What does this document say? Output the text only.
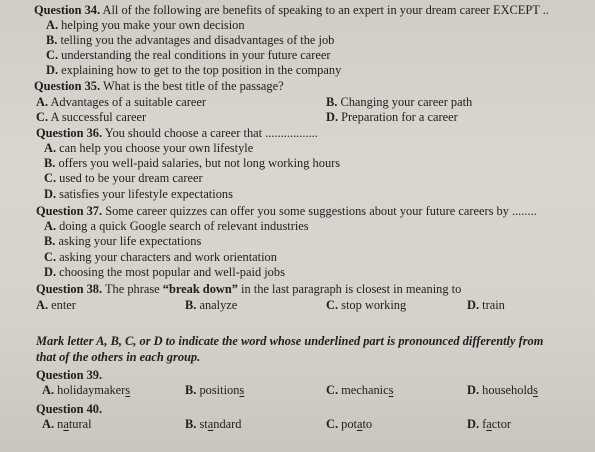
Question 34. All of the following are benefits of speaking to an expert in your dream career EXCEPT ..
A. helping you make your own decision
B. telling you the advantages and disadvantages of the job
C. understanding the real conditions in your future career
D. explaining how to get to the top position in the company
Question 35. What is the best title of the passage?
A. Advantages of a suitable career	B. Changing your career path
C. A successful career	D. Preparation for a career
Question 36. You should choose a career that .................
A. can help you choose your own lifestyle
B. offers you well-paid salaries, but not long working hours
C. used to be your dream career
D. satisfies your lifestyle expectations
Question 37. Some career quizzes can offer you some suggestions about your future careers by ........
A. doing a quick Google search of relevant industries
B. asking your life expectations
C. asking your characters and work orientation
D. choosing the most popular and well-paid jobs
Question 38. The phrase “break down” in the last paragraph is closest in meaning to
A. enter	B. analyze	C. stop working	D. train
Mark letter A, B, C, or D to indicate the word whose underlined part is pronounced differently from
that of the others in each group.
Question 39.
A. holidaymakers	B. positions	C. mechanics	D. households
Question 40.
A. natural	B. standard	C. potato	D. factor
